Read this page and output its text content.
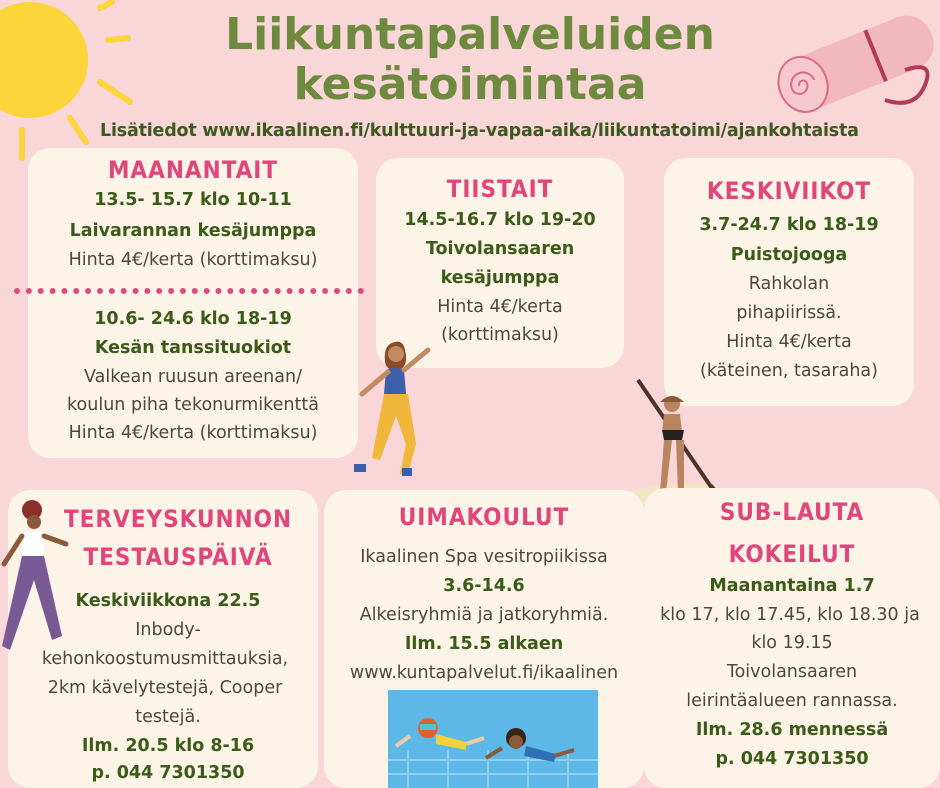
Liikuntapalveluiden
kesätoimintaa
Lisätiedot www.ikaalinen.fi/kulttuuri-ja-vapaa-aika/liikuntatoimi/ajankohtaista
MAANANTAIT
13.5- 15.7 klo 10-11
Laivarannan kesäjumppa
Hinta 4€/kerta (korttimaksu)
10.6- 24.6 klo 18-19
Kesän tanssituokiot
Valkean ruusun areenan/
koulun piha tekonurmikenttä
Hinta 4€/kerta (korttimaksu)
TIISTAIT
14.5-16.7 klo 19-20
Toivolansaaren
kesäjumppa
Hinta 4€/kerta
(korttimaksu)
KESKIVIIKOT
3.7-24.7 klo 18-19
Puistojooga
Rahkolan
pihapiirissä.
Hinta 4€/kerta
(käteinen, tasaraha)
TERVEYSKUNNON
TESTAUSPÄIVÄ
Keskiviikkona 22.5
Inbody-
kehonkoostumusmittauksia,
2km kävelytestejä, Cooper
testejä.
Ilm. 20.5 klo 8-16
p. 044 7301350
UIMAKOULUT
Ikaalinen Spa vesitropiikissa
3.6-14.6
Alkeisryhmiä ja jatkoryhmiä.
Ilm. 15.5 alkaen
www.kuntapalvelut.fi/ikaalinen
SUB-LAUTA
KOKEILUT
Maanantaina 1.7
klo 17, klo 17.45, klo 18.30 ja
klo 19.15
Toivolansaaren
leirintäalueen rannassa.
Ilm. 28.6 mennessä
p. 044 7301350
